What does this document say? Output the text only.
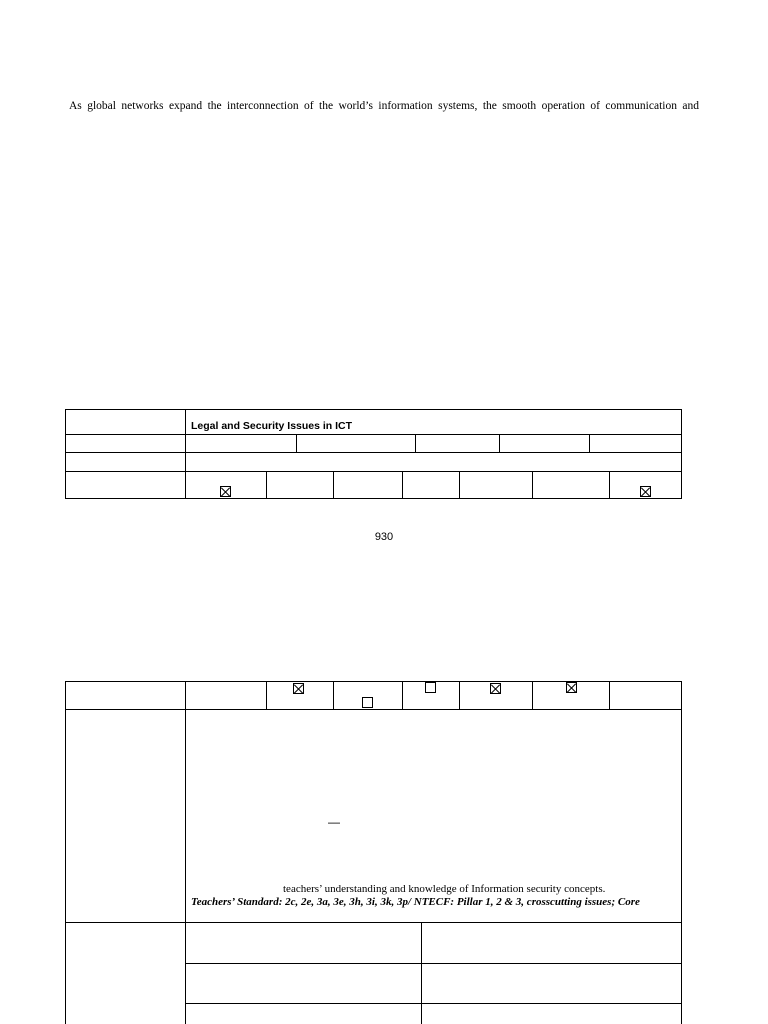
As global networks expand the interconnection of the world’s information systems, the smooth operation of communication and
Legal and Security Issues in ICT
930
—
teachers’ understanding and knowledge of Information security concepts.
Teachers’ Standard: 2c, 2e, 3a, 3e, 3h, 3i, 3k, 3p/ NTECF: Pillar 1, 2 & 3, crosscutting issues; Core
